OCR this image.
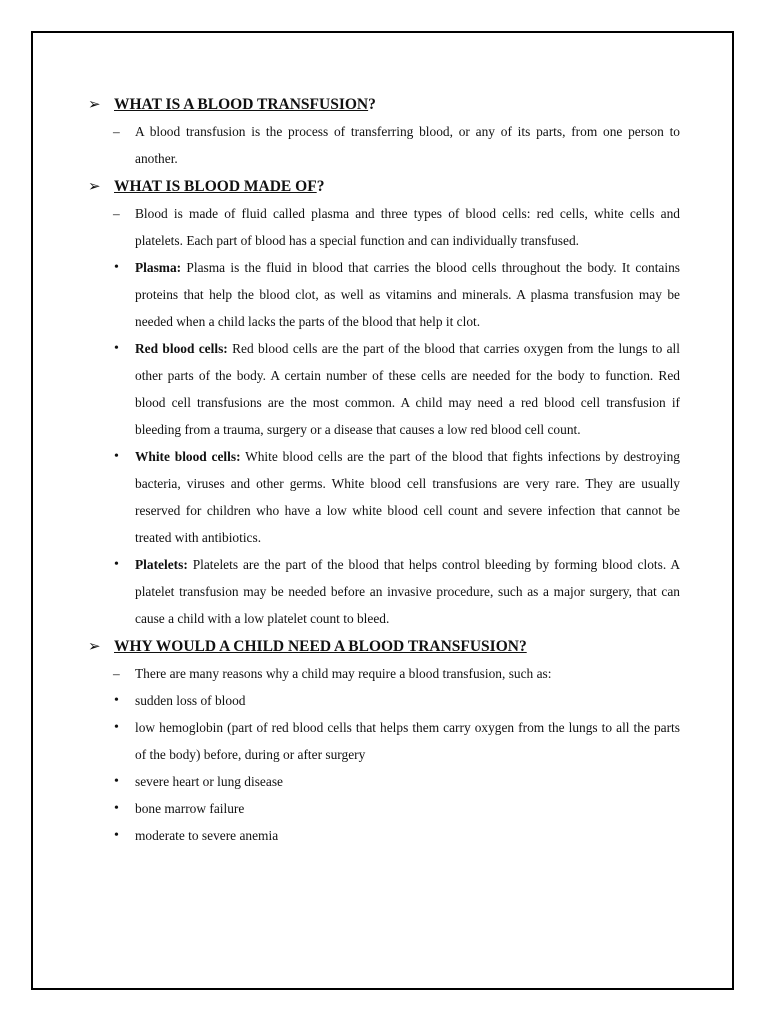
➢ WHAT IS A BLOOD TRANSFUSION?
– A blood transfusion is the process of transferring blood, or any of its parts, from one person to another.
➢ WHAT IS BLOOD MADE OF?
– Blood is made of fluid called plasma and three types of blood cells: red cells, white cells and platelets. Each part of blood has a special function and can individually transfused.
• Plasma: Plasma is the fluid in blood that carries the blood cells throughout the body. It contains proteins that help the blood clot, as well as vitamins and minerals. A plasma transfusion may be needed when a child lacks the parts of the blood that help it clot.
• Red blood cells: Red blood cells are the part of the blood that carries oxygen from the lungs to all other parts of the body. A certain number of these cells are needed for the body to function. Red blood cell transfusions are the most common. A child may need a red blood cell transfusion if bleeding from a trauma, surgery or a disease that causes a low red blood cell count.
• White blood cells: White blood cells are the part of the blood that fights infections by destroying bacteria, viruses and other germs. White blood cell transfusions are very rare. They are usually reserved for children who have a low white blood cell count and severe infection that cannot be treated with antibiotics.
• Platelets: Platelets are the part of the blood that helps control bleeding by forming blood clots. A platelet transfusion may be needed before an invasive procedure, such as a major surgery, that can cause a child with a low platelet count to bleed.
➢ WHY WOULD A CHILD NEED A BLOOD TRANSFUSION?
– There are many reasons why a child may require a blood transfusion, such as:
• sudden loss of blood
• low hemoglobin (part of red blood cells that helps them carry oxygen from the lungs to all the parts of the body) before, during or after surgery
• severe heart or lung disease
• bone marrow failure
• moderate to severe anemia
